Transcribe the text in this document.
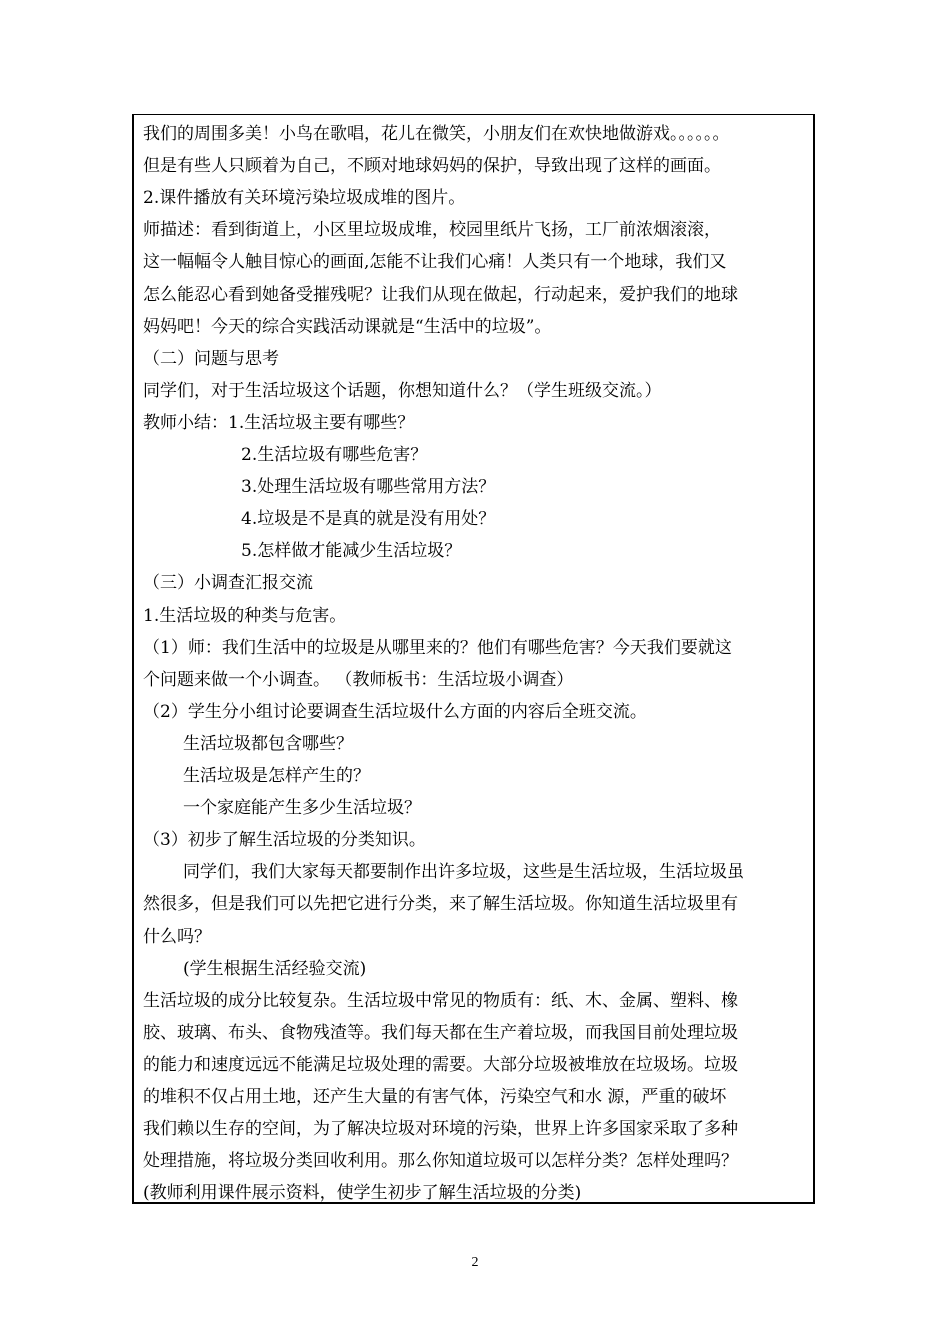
我们的周围多美！小鸟在歌唱，花儿在微笑，小朋友们在欢快地做游戏。。。。。。
但是有些人只顾着为自己，不顾对地球妈妈的保护，导致出现了这样的画面。
2.课件播放有关环境污染垃圾成堆的图片。
师描述：看到街道上，小区里垃圾成堆，校园里纸片飞扬，工厂前浓烟滚滚，
这一幅幅令人触目惊心的画面,怎能不让我们心痛！人类只有一个地球，我们又
怎么能忍心看到她备受摧残呢？让我们从现在做起，行动起来，爱护我们的地球
妈妈吧！今天的综合实践活动课就是“生活中的垃圾”。
（二）问题与思考
同学们，对于生活垃圾这个话题，你想知道什么？（学生班级交流。）
教师小结：1.生活垃圾主要有哪些？
2.生活垃圾有哪些危害？
3.处理生活垃圾有哪些常用方法？
4.垃圾是不是真的就是没有用处？
5.怎样做才能减少生活垃圾？
（三）小调查汇报交流
1.生活垃圾的种类与危害。
（1）师：我们生活中的垃圾是从哪里来的？他们有哪些危害？今天我们要就这
个问题来做一个小调查。 （教师板书：生活垃圾小调查）
（2）学生分小组讨论要调查生活垃圾什么方面的内容后全班交流。
生活垃圾都包含哪些？
生活垃圾是怎样产生的？
一个家庭能产生多少生活垃圾？
（3）初步了解生活垃圾的分类知识。
同学们，我们大家每天都要制作出许多垃圾，这些是生活垃圾，生活垃圾虽
然很多，但是我们可以先把它进行分类，来了解生活垃圾。你知道生活垃圾里有
什么吗？
(学生根据生活经验交流)
生活垃圾的成分比较复杂。生活垃圾中常见的物质有：纸、木、金属、塑料、橡
胶、玻璃、布头、食物残渣等。我们每天都在生产着垃圾，而我国目前处理垃圾
的能力和速度远远不能满足垃圾处理的需要。大部分垃圾被堆放在垃圾场。垃圾
的堆积不仅占用土地，还产生大量的有害气体，污染空气和水 源，严重的破坏
我们赖以生存的空间，为了解决垃圾对环境的污染，世界上许多国家采取了多种
处理措施，将垃圾分类回收利用。那么你知道垃圾可以怎样分类？怎样处理吗？
(教师利用课件展示资料，使学生初步了解生活垃圾的分类)
2
